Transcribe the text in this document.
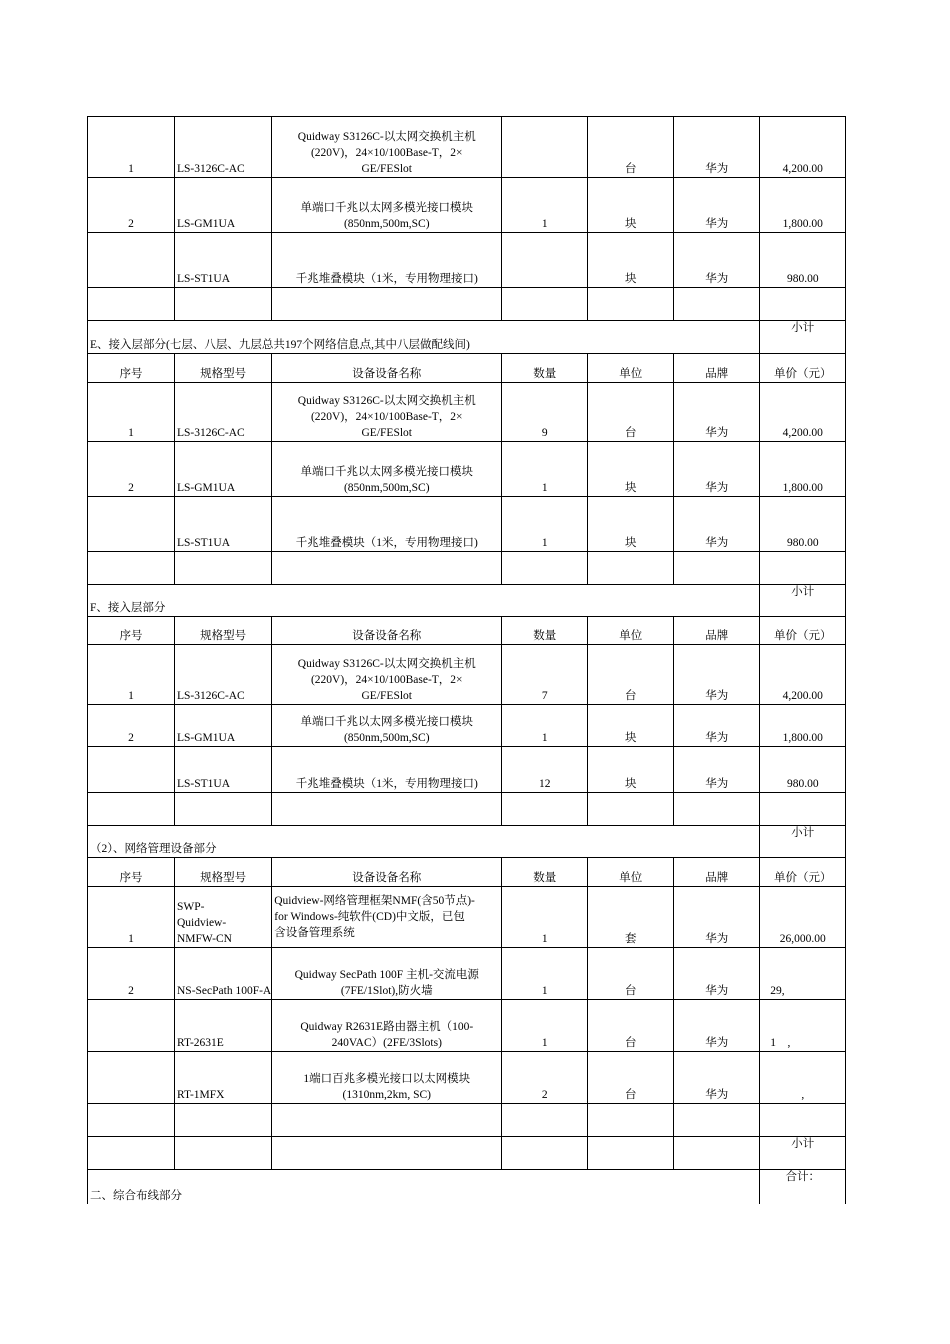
1	LS-3126C-AC	Quidway S3126C-以太网交换机主机
(220V)，24×10/100Base-T，2×
GE/FESlot		台	华为	4,200.00
2	LS-GM1UA	单端口千兆以太网多模光接口模块
(850nm,500m,SC)	1	块	华为	1,800.00
	LS-ST1UA	千兆堆叠模块（1米，专用物理接口)		块	华为	980.00

						小计

E、接入层部分(七层、八层、九层总共197个网络信息点,其中八层做配线间)						
序号	规格型号	设备设备名称	数量	单位	品牌	单价（元）
1	LS-3126C-AC	Quidway S3126C-以太网交换机主机
(220V)，24×10/100Base-T，2×
GE/FESlot	9	台	华为	4,200.00
2	LS-GM1UA	单端口千兆以太网多模光接口模块
(850nm,500m,SC)	1	块	华为	1,800.00
	LS-ST1UA	千兆堆叠模块（1米，专用物理接口)	1	块	华为	980.00

						小计

F、接入层部分						
序号	规格型号	设备设备名称	数量	单位	品牌	单价（元）
1	LS-3126C-AC	Quidway S3126C-以太网交换机主机
(220V)，24×10/100Base-T，2×
GE/FESlot	7	台	华为	4,200.00
2	LS-GM1UA	单端口千兆以太网多模光接口模块
(850nm,500m,SC)	1	块	华为	1,800.00
	LS-ST1UA	千兆堆叠模块（1米，专用物理接口)	12	块	华为	980.00

						小计

（2）、网络管理设备部分						
序号	规格型号	设备设备名称	数量	单位	品牌	单价（元）
1	SWP-
Quidview-
NMFW-CN	Quidview-网络管理框架NMF(含50节点)-
for Windows-纯软件(CD)中文版，已包
含设备管理系统	1	套	华为	26,000.00
2	NS-SecPath 100F-A	Quidway SecPath 100F 主机-交流电源
(7FE/1Slot),防火墙	1	台	华为	29,
	RT-2631E	Quidway R2631E路由器主机（100-
240VAC）(2FE/3Slots)	1	台	华为	1　,
	RT-1MFX	1端口百兆多模光接口以太网模块
(1310nm,2km, SC)	2	台	华为	,

						小计

						合计：

二、综合布线部分						
